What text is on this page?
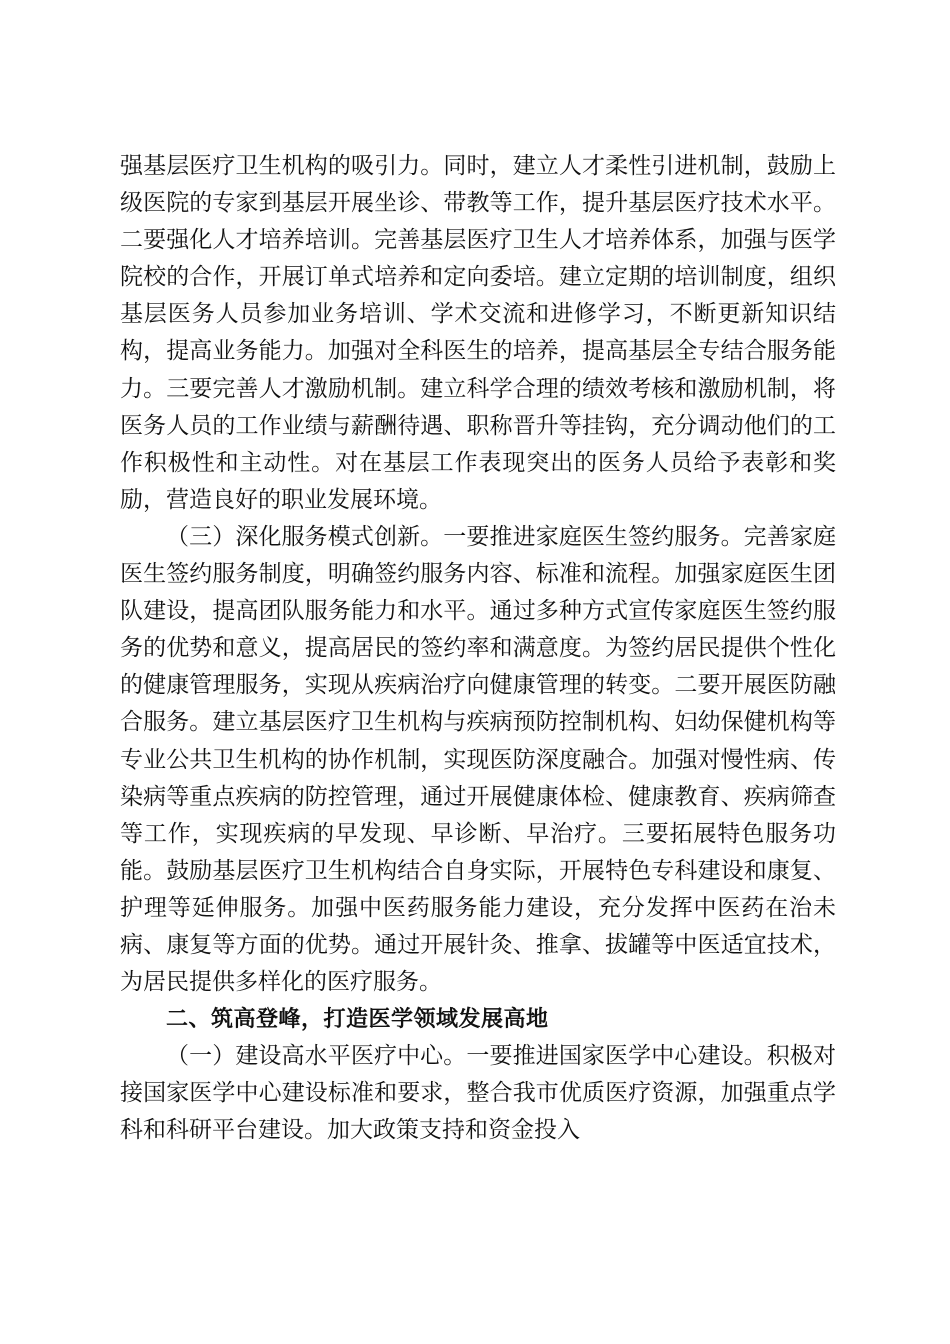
强基层医疗卫生机构的吸引力。同时，建立人才柔性引进机制，鼓励上级医院的专家到基层开展坐诊、带教等工作，提升基层医疗技术水平。二要强化人才培养培训。完善基层医疗卫生人才培养体系，加强与医学院校的合作，开展订单式培养和定向委培。建立定期的培训制度，组织基层医务人员参加业务培训、学术交流和进修学习，不断更新知识结构，提高业务能力。加强对全科医生的培养，提高基层全专结合服务能力。三要完善人才激励机制。建立科学合理的绩效考核和激励机制，将医务人员的工作业绩与薪酬待遇、职称晋升等挂钩，充分调动他们的工作积极性和主动性。对在基层工作表现突出的医务人员给予表彰和奖励，营造良好的职业发展环境。

（三）深化服务模式创新。一要推进家庭医生签约服务。完善家庭医生签约服务制度，明确签约服务内容、标准和流程。加强家庭医生团队建设，提高团队服务能力和水平。通过多种方式宣传家庭医生签约服务的优势和意义，提高居民的签约率和满意度。为签约居民提供个性化的健康管理服务，实现从疾病治疗向健康管理的转变。二要开展医防融合服务。建立基层医疗卫生机构与疾病预防控制机构、妇幼保健机构等专业公共卫生机构的协作机制，实现医防深度融合。加强对慢性病、传染病等重点疾病的防控管理，通过开展健康体检、健康教育、疾病筛查等工作，实现疾病的早发现、早诊断、早治疗。三要拓展特色服务功能。鼓励基层医疗卫生机构结合自身实际，开展特色专科建设和康复、护理等延伸服务。加强中医药服务能力建设，充分发挥中医药在治未病、康复等方面的优势。通过开展针灸、推拿、拔罐等中医适宜技术，为居民提供多样化的医疗服务。

二、筑高登峰，打造医学领域发展高地

（一）建设高水平医疗中心。一要推进国家医学中心建设。积极对接国家医学中心建设标准和要求，整合我市优质医疗资源，加强重点学科和科研平台建设。加大政策支持和资金投入
